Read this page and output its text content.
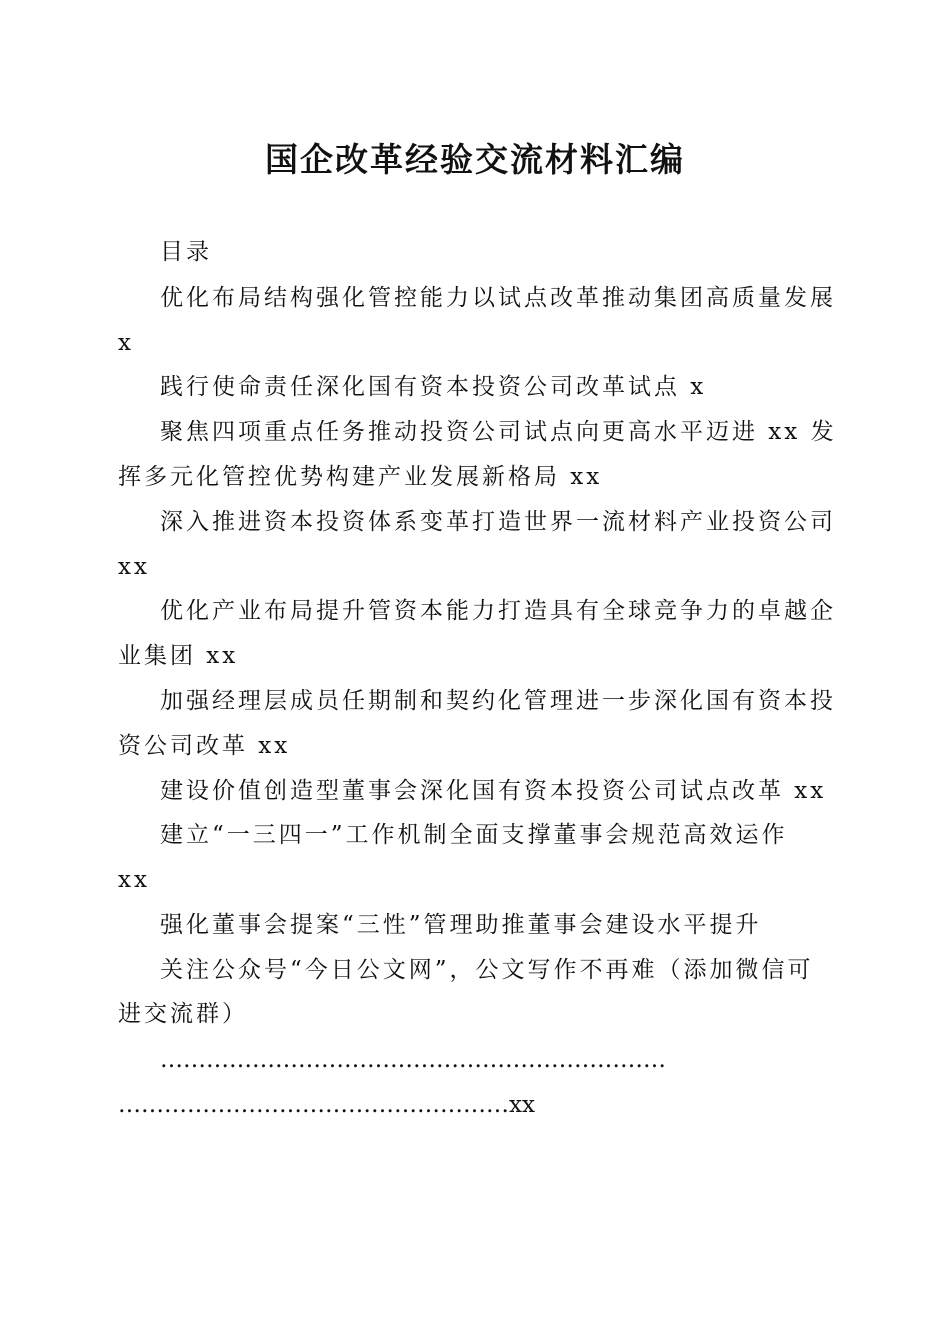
国企改革经验交流材料汇编
目录
优化布局结构强化管控能力以试点改革推动集团高质量发展
x
践行使命责任深化国有资本投资公司改革试点 x
聚焦四项重点任务推动投资公司试点向更高水平迈进 xx 发
挥多元化管控优势构建产业发展新格局 xx
深入推进资本投资体系变革打造世界一流材料产业投资公司
xx
优化产业布局提升管资本能力打造具有全球竞争力的卓越企
业集团 xx
加强经理层成员任期制和契约化管理进一步深化国有资本投
资公司改革 xx
建设价值创造型董事会深化国有资本投资公司试点改革 xx
建立“一三四一”工作机制全面支撑董事会规范高效运作
xx
强化董事会提案“三性”管理助推董事会建设水平提升
关注公众号“今日公文网”，公文写作不再难（添加微信可
进交流群）
…………………………………………………………
……………………………………………xx
